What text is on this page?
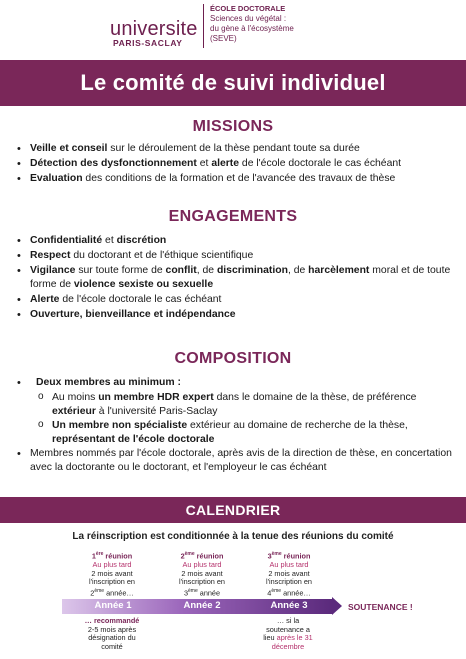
universite
PARIS-SACLAY
ÉCOLE DOCTORALE
Sciences du végétal :
du gène à l'écosystème
(SEVE)
Le comité de suivi individuel
MISSIONS
• Veille et conseil sur le déroulement de la thèse pendant toute sa durée
• Détection des dysfonctionnement et alerte de l'école doctorale le cas échéant
• Evaluation des conditions de la formation et de l'avancée des travaux de thèse
ENGAGEMENTS
• Confidentialité et discrétion
• Respect du doctorant et de l'éthique scientifique
• Vigilance sur toute forme de conflit, de discrimination, de harcèlement moral et de toute forme de violence sexiste ou sexuelle
• Alerte de l'école doctorale le cas échéant
• Ouverture, bienveillance et indépendance
COMPOSITION
• Deux membres au minimum :
o Au moins un membre HDR expert dans le domaine de la thèse, de préférence extérieur à l'université Paris-Saclay
o Un membre non spécialiste extérieur au domaine de recherche de la thèse, représentant de l'école doctorale
• Membres nommés par l'école doctorale, après avis de la direction de thèse, en concertation avec la doctorante ou le doctorant, et l'employeur le cas échéant
CALENDRIER
La réinscription est conditionnée à la tenue des réunions du comité
1ère réunion
Au plus tard
2 mois avant
l'inscription en
2ème année…
2ème réunion
Au plus tard
2 mois avant
l'inscription en
3ème année
3ème réunion
Au plus tard
2 mois avant
l'inscription en
4ème année…
Année 1	Année 2	Année 3	SOUTENANCE !
… recommandé
2-5 mois après
désignation du
comité
… si la
soutenance a
lieu après le 31
décembre
